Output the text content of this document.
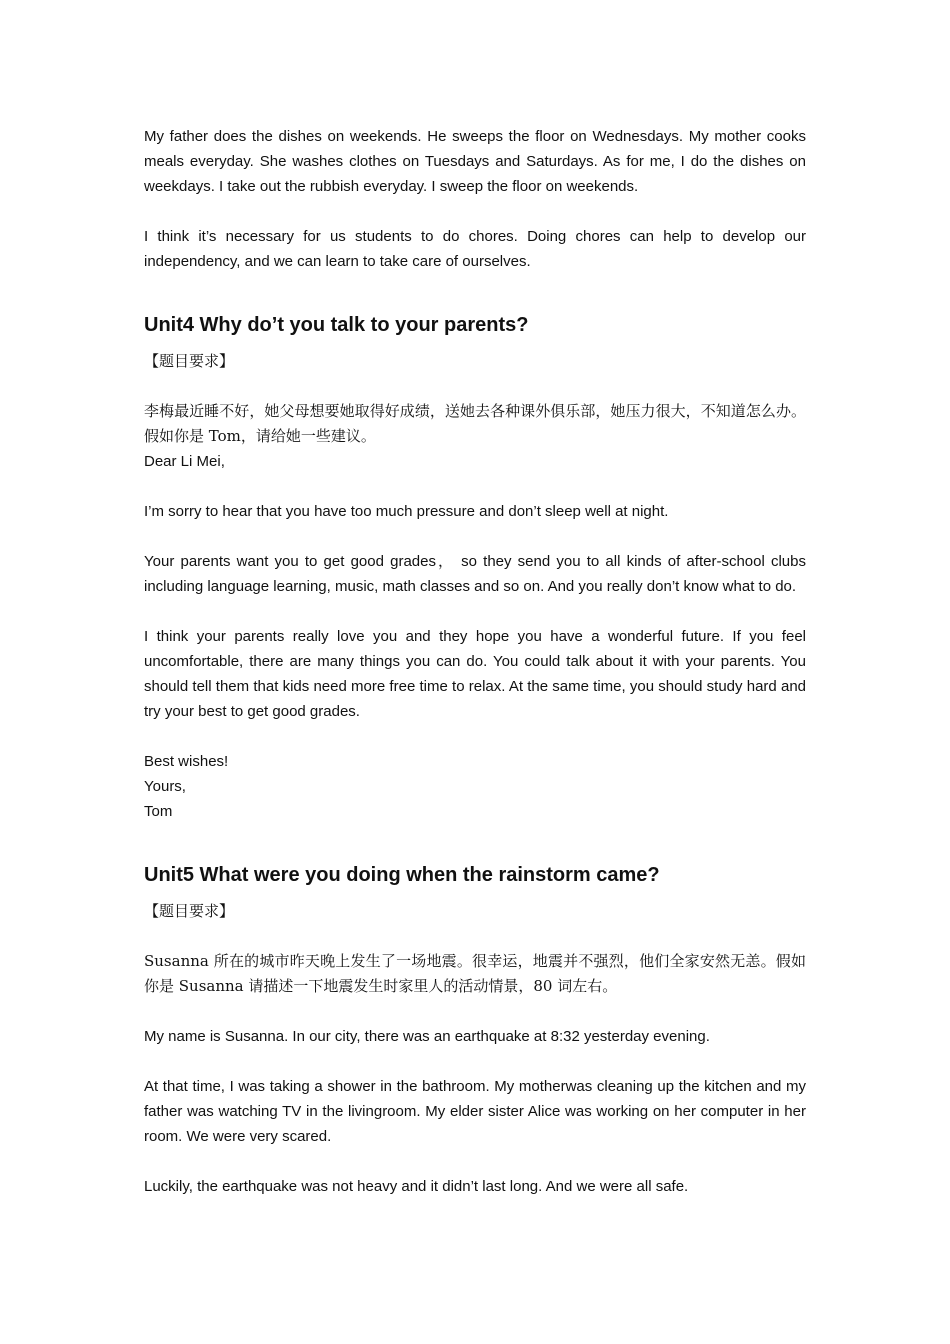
My father does the dishes on weekends. He sweeps the floor on Wednesdays. My mother cooks meals everyday. She washes clothes on Tuesdays and Saturdays. As for me, I do the dishes on weekdays. I take out the rubbish everyday. I sweep the floor on weekends.

I think it’s necessary for us students to do chores. Doing chores can help to develop our independency, and we can learn to take care of ourselves.

Unit4 Why do’t you talk to your parents?

【题目要求】

李梅最近睡不好，她父母想要她取得好成绩，送她去各种课外俱乐部，她压力很大，不知道怎么办。假如你是 Tom，请给她一些建议。

Dear Li Mei,

I’m sorry to hear that you have too much pressure and don’t sleep well at night.

Your parents want you to get good grades， so they send you to all kinds of after-school clubs including language learning, music, math classes and so on. And you really don’t know what to do.

I think your parents really love you and they hope you have a wonderful future. If you feel uncomfortable, there are many things you can do. You could talk about it with your parents. You should tell them that kids need more free time to relax. At the same time, you should study hard and try your best to get good grades.

Best wishes!

Yours,

Tom

Unit5 What were you doing when the rainstorm came?

【题目要求】

Susanna 所在的城市昨天晚上发生了一场地震。很幸运，地震并不强烈，他们全家安然无恙。假如你是 Susanna 请描述一下地震发生时家里人的活动情景，80 词左右。

My name is Susanna. In our city, there was an earthquake at 8:32 yesterday evening.

At that time, I was taking a shower in the bathroom. My motherwas cleaning up the kitchen and my father was watching TV in the livingroom. My elder sister Alice was working on her computer in her room. We were very scared.

Luckily, the earthquake was not heavy and it didn’t last long. And we were all safe.
